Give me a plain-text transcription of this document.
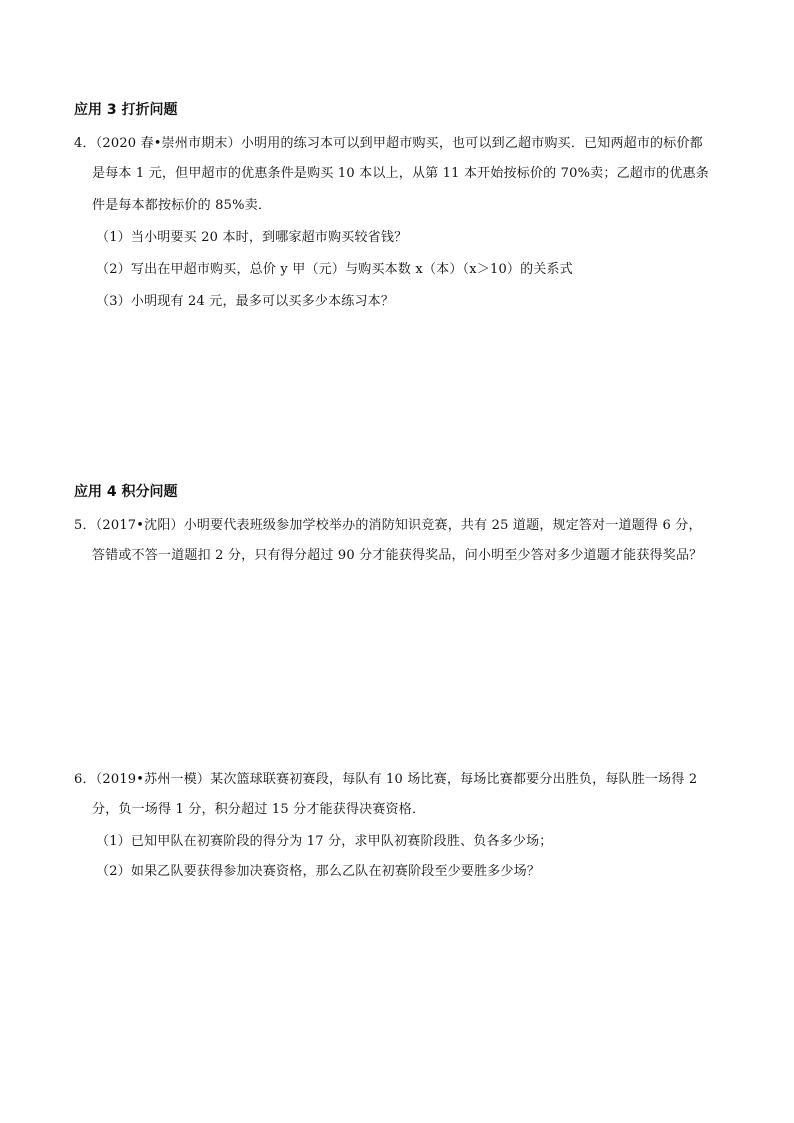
应用 3 打折问题
4．（2020 春•崇州市期末）小明用的练习本可以到甲超市购买，也可以到乙超市购买．已知两超市的标价都
是每本 1 元，但甲超市的优惠条件是购买 10 本以上，从第 11 本开始按标价的 70%卖；乙超市的优惠条
件是每本都按标价的 85%卖．
（1）当小明要买 20 本时，到哪家超市购买较省钱？
（2）写出在甲超市购买，总价 y 甲（元）与购买本数 x（本）（x＞10）的关系式
（3）小明现有 24 元，最多可以买多少本练习本？
应用 4 积分问题
5．（2017•沈阳）小明要代表班级参加学校举办的消防知识竞赛，共有 25 道题，规定答对一道题得 6 分，
答错或不答一道题扣 2 分，只有得分超过 90 分才能获得奖品，问小明至少答对多少道题才能获得奖品？
6．（2019•苏州一模）某次篮球联赛初赛段，每队有 10 场比赛，每场比赛都要分出胜负，每队胜一场得 2
分，负一场得 1 分，积分超过 15 分才能获得决赛资格．
（1）已知甲队在初赛阶段的得分为 17 分，求甲队初赛阶段胜、负各多少场；
（2）如果乙队要获得参加决赛资格，那么乙队在初赛阶段至少要胜多少场？
